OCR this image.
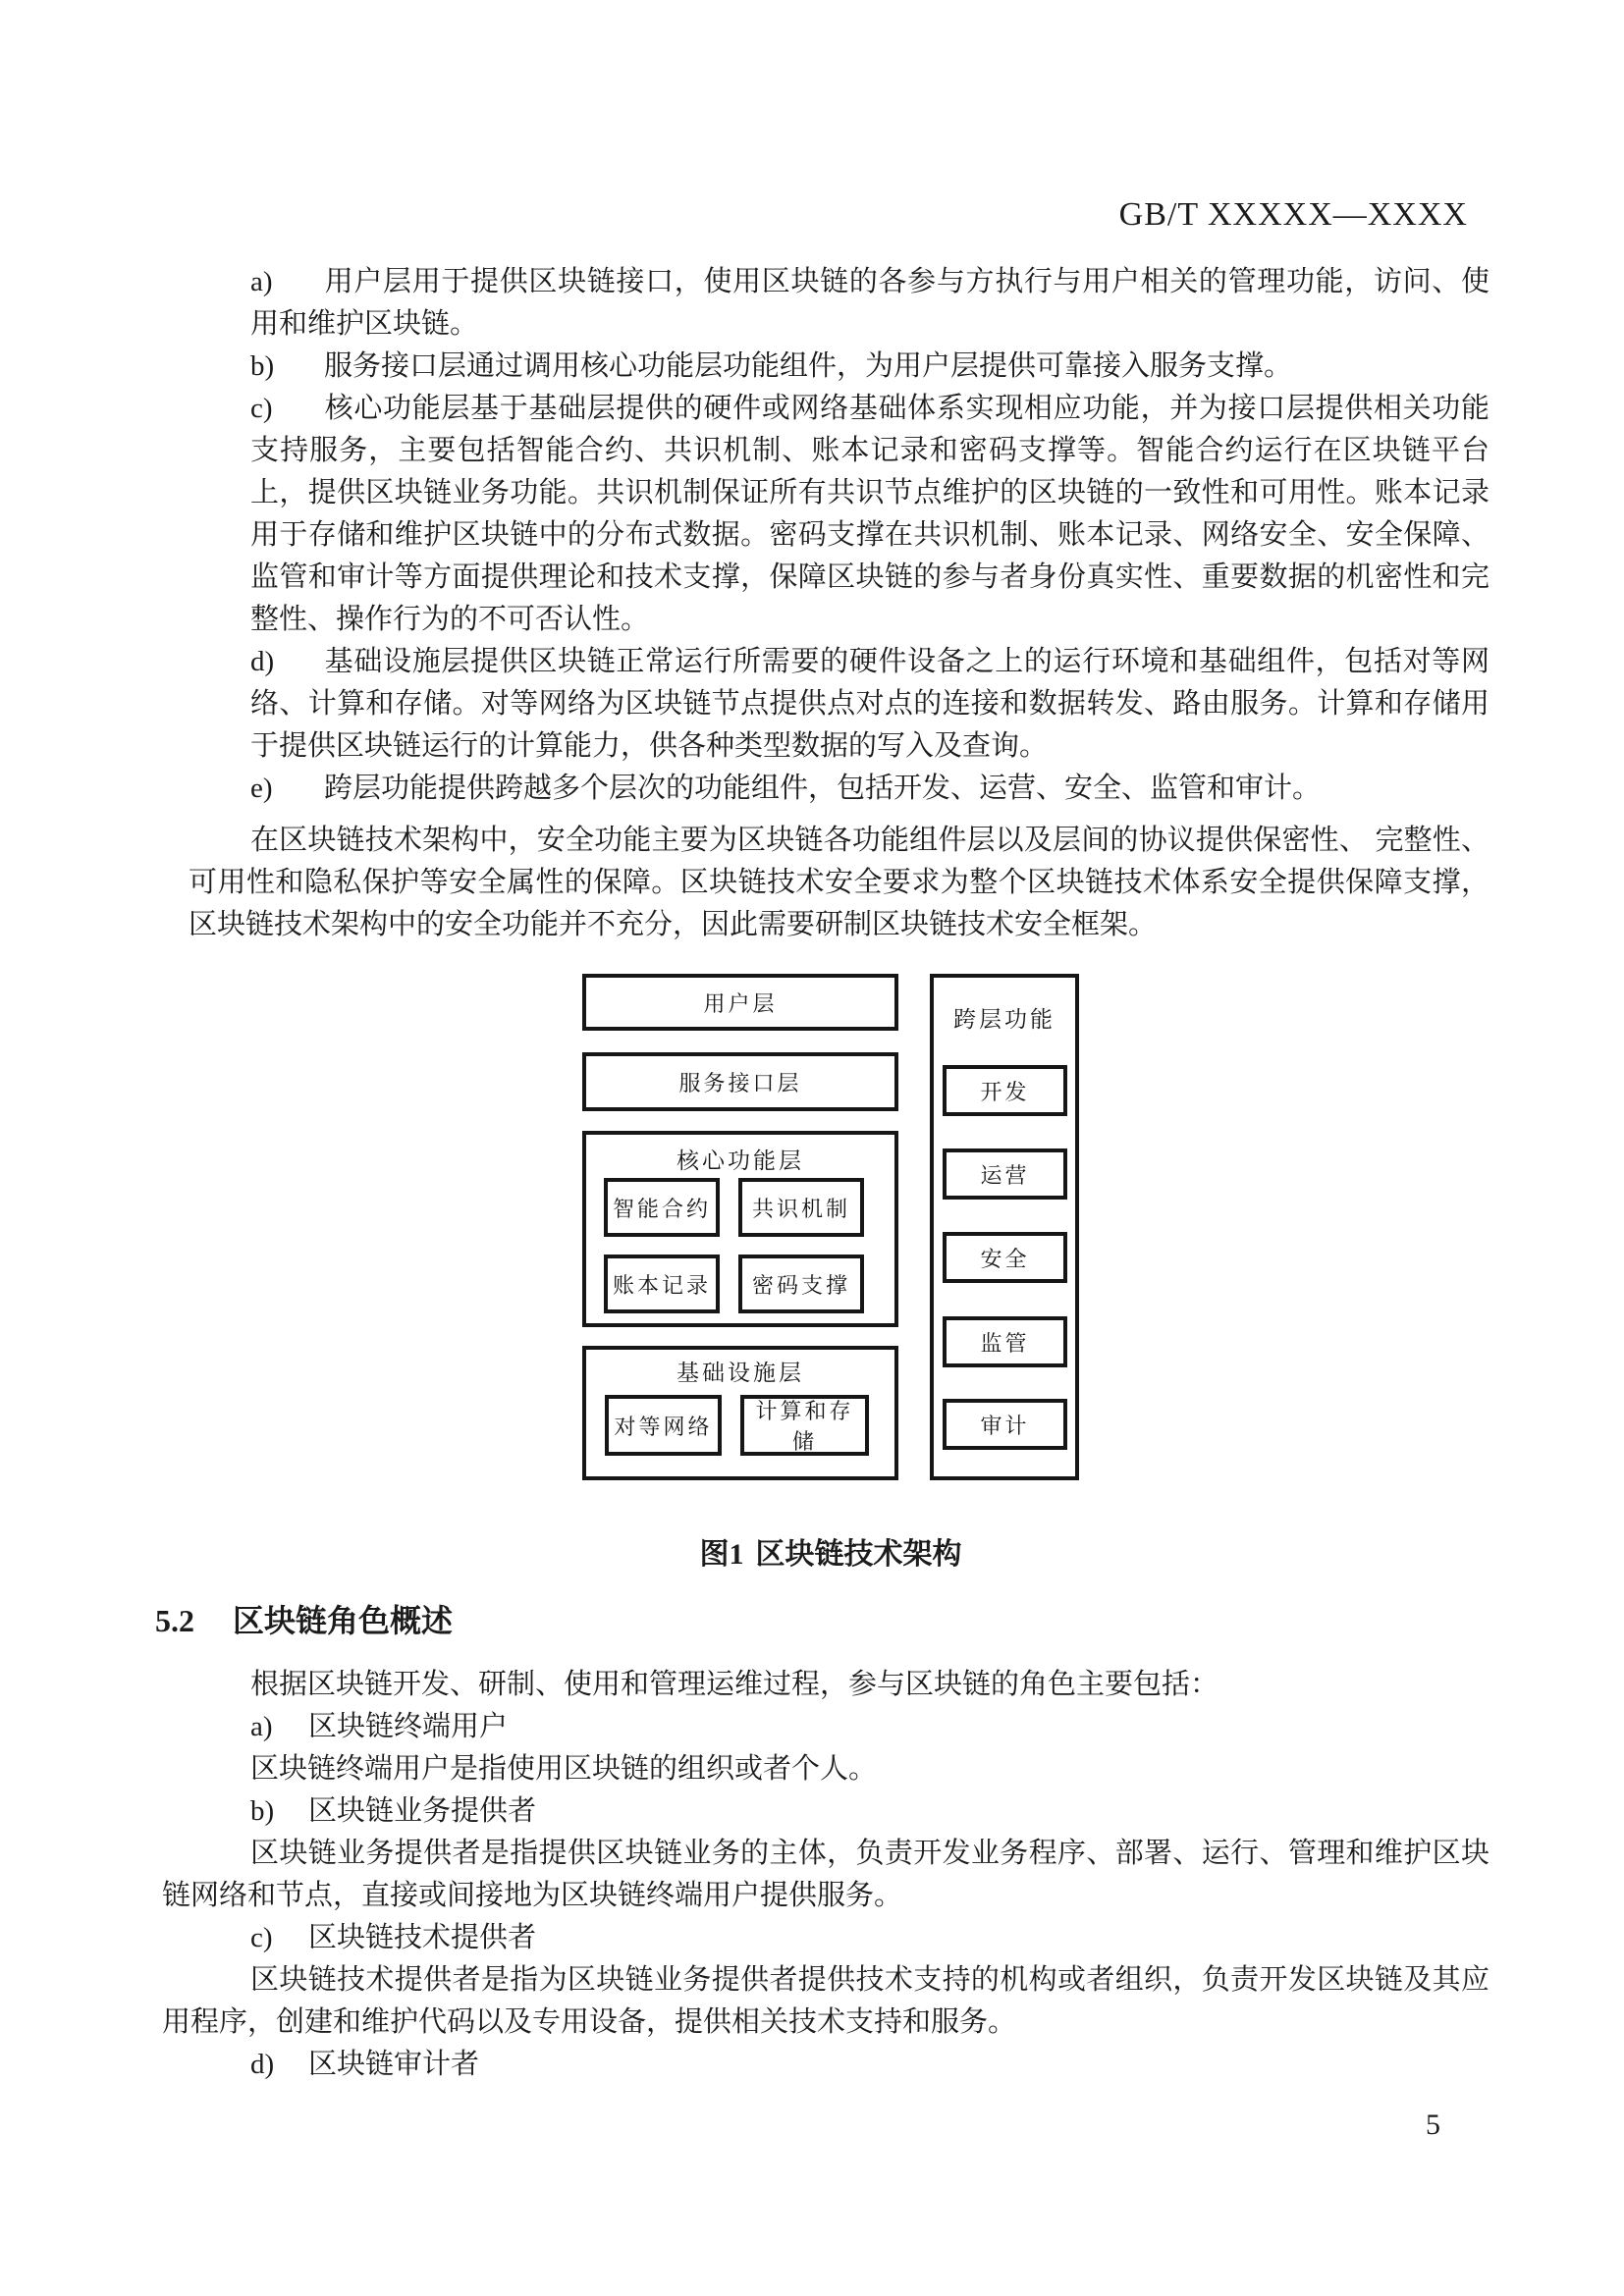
GB/T XXXXX—XXXX

a) 用户层用于提供区块链接口，使用区块链的各参与方执行与用户相关的管理功能，访问、使用和维护区块链。

b) 服务接口层通过调用核心功能层功能组件，为用户层提供可靠接入服务支撑。

c) 核心功能层基于基础层提供的硬件或网络基础体系实现相应功能，并为接口层提供相关功能支持服务，主要包括智能合约、共识机制、账本记录和密码支撑等。智能合约运行在区块链平台上，提供区块链业务功能。共识机制保证所有共识节点维护的区块链的一致性和可用性。账本记录用于存储和维护区块链中的分布式数据。密码支撑在共识机制、账本记录、网络安全、安全保障、监管和审计等方面提供理论和技术支撑，保障区块链的参与者身份真实性、重要数据的机密性和完整性、操作行为的不可否认性。

d) 基础设施层提供区块链正常运行所需要的硬件设备之上的运行环境和基础组件，包括对等网络、计算和存储。对等网络为区块链节点提供点对点的连接和数据转发、路由服务。计算和存储用于提供区块链运行的计算能力，供各种类型数据的写入及查询。

e) 跨层功能提供跨越多个层次的功能组件，包括开发、运营、安全、监管和审计。

在区块链技术架构中，安全功能主要为区块链各功能组件层以及层间的协议提供保密性、 完整性、可用性和隐私保护等安全属性的保障。区块链技术安全要求为整个区块链技术体系安全提供保障支撑，区块链技术架构中的安全功能并不充分，因此需要研制区块链技术安全框架。

用户层
服务接口层
核心功能层
智能合约 共识机制
账本记录 密码支撑
基础设施层
对等网络
计算和存储
跨层功能
开发
运营
安全
监管
审计
图1 区块链技术架构
5.2 区块链角色概述

根据区块链开发、研制、使用和管理运维过程，参与区块链的角色主要包括：

a) 区块链终端用户

区块链终端用户是指使用区块链的组织或者个人。

b) 区块链业务提供者

区块链业务提供者是指提供区块链业务的主体，负责开发业务程序、部署、运行、管理和维护区块链网络和节点，直接或间接地为区块链终端用户提供服务。

c) 区块链技术提供者

区块链技术提供者是指为区块链业务提供者提供技术支持的机构或者组织，负责开发区块链及其应用程序，创建和维护代码以及专用设备，提供相关技术支持和服务。

d) 区块链审计者

5
